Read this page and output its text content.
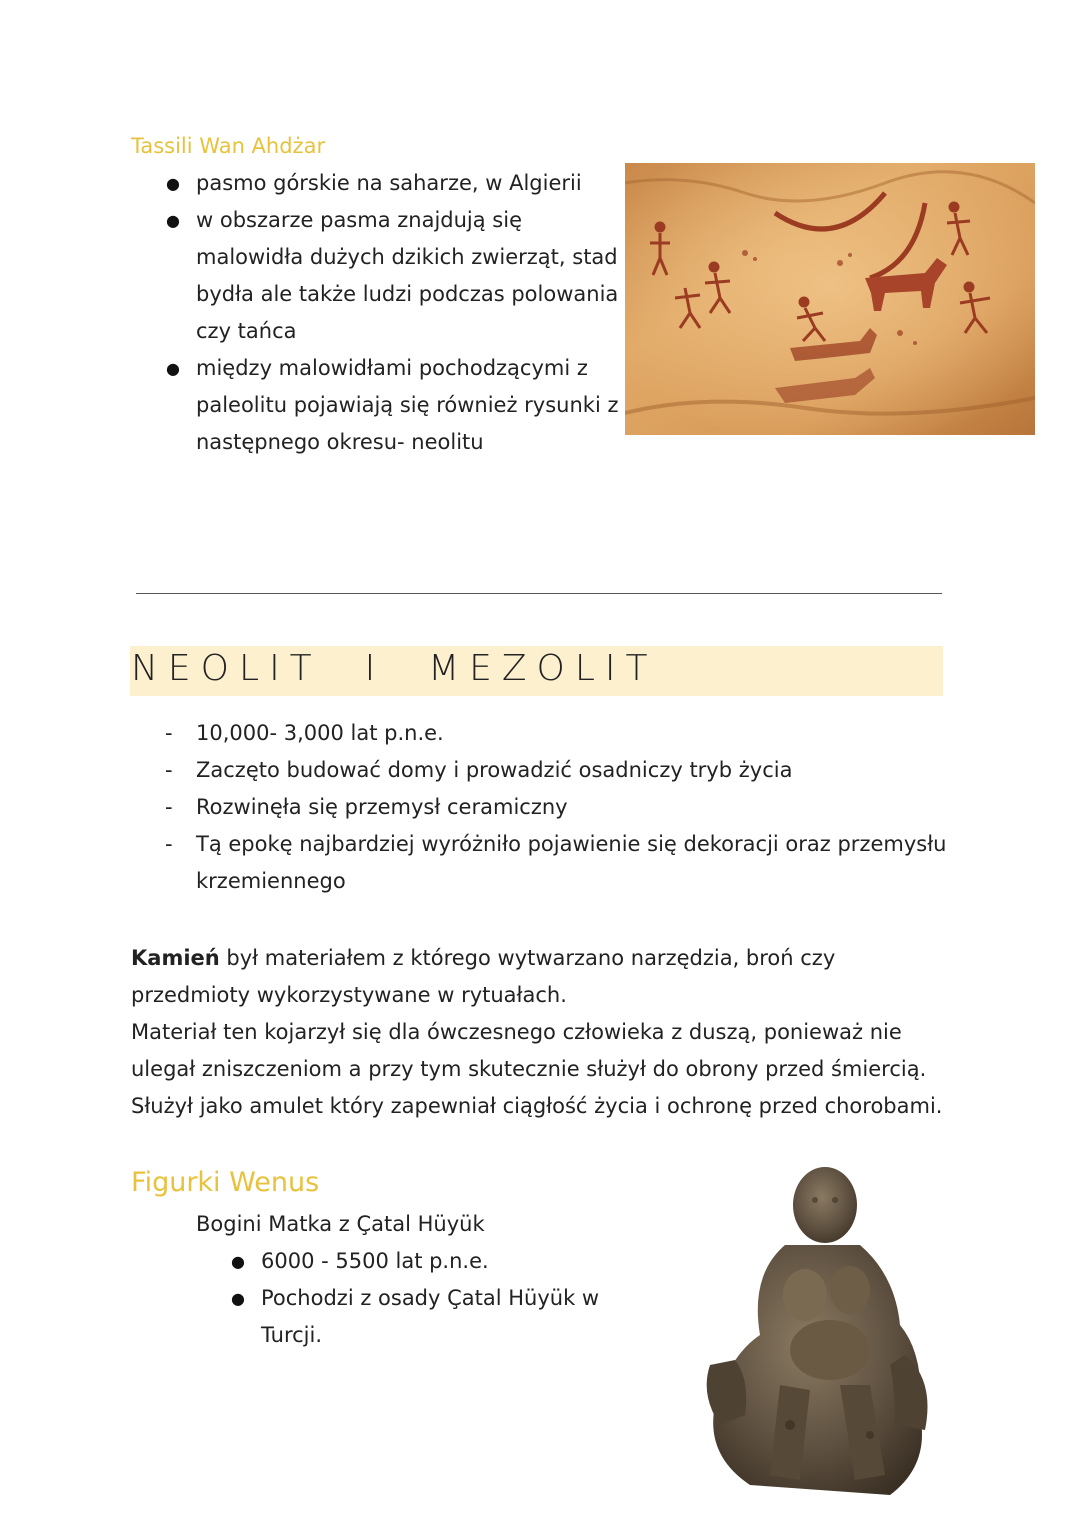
Tassili Wan Ahdżar
● pasmo górskie na saharze, w Algierii
● w obszarze pasma znajdują się malowidła dużych dzikich zwierząt, stad bydła ale także ludzi podczas polowania czy tańca
● między malowidłami pochodzącymi z paleolitu pojawiają się również rysunki z następnego okresu- neolitu
NEOLIT  I  MEZOLIT
- 10,000- 3,000 lat p.n.e.
- Zaczęto budować domy i prowadzić osadniczy tryb życia
- Rozwinęła się przemysł ceramiczny
- Tą epokę najbardziej wyróżniło pojawienie się dekoracji oraz przemysłu krzemiennego
Kamień był materiałem z którego wytwarzano narzędzia, broń czy przedmioty wykorzystywane w rytuałach.
Materiał ten kojarzył się dla ówczesnego człowieka z duszą, ponieważ nie ulegał zniszczeniom a przy tym skutecznie służył do obrony przed śmiercią.
Służył jako amulet który zapewniał ciągłość życia i ochronę przed chorobami.
Figurki Wenus
Bogini Matka z Çatal Hüyük
● 6000 - 5500 lat p.n.e.
● Pochodzi z osady Çatal Hüyük w Turcji.
